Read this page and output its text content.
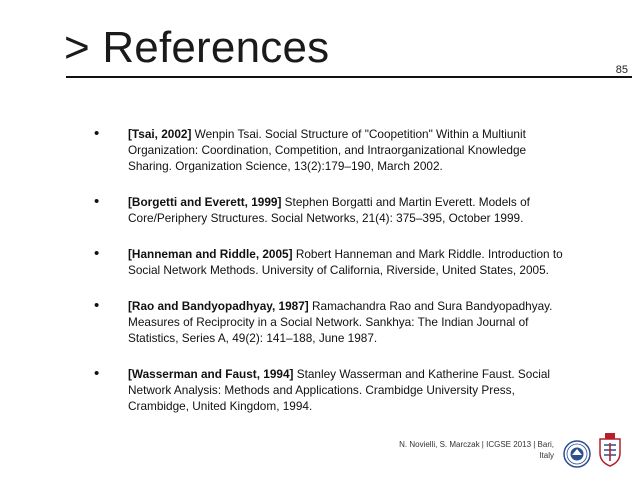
> References	85
• [Tsai, 2002] Wenpin Tsai. Social Structure of "Coopetition" Within a Multiunit Organization: Coordination, Competition, and Intraorganizational Knowledge Sharing. Organization Science, 13(2):179–190, March 2002.
• [Borgetti and Everett, 1999] Stephen Borgatti and Martin Everett. Models of Core/Periphery Structures. Social Networks, 21(4): 375–395, October 1999.
• [Hanneman and Riddle, 2005] Robert Hanneman and Mark Riddle. Introduction to Social Network Methods. University of California, Riverside, United States, 2005.
• [Rao and Bandyopadhyay, 1987] Ramachandra Rao and Sura Bandyopadhyay. Measures of Reciprocity in a Social Network. Sankhya: The Indian Journal of Statistics, Series A, 49(2): 141–188, June 1987.
• [Wasserman and Faust, 1994] Stanley Wasserman and Katherine Faust. Social Network Analysis: Methods and Applications. Crambidge University Press, Crambidge, United Kingdom, 1994.
N. Novielli, S. Marczak | ICGSE 2013 | Bari,
Italy
